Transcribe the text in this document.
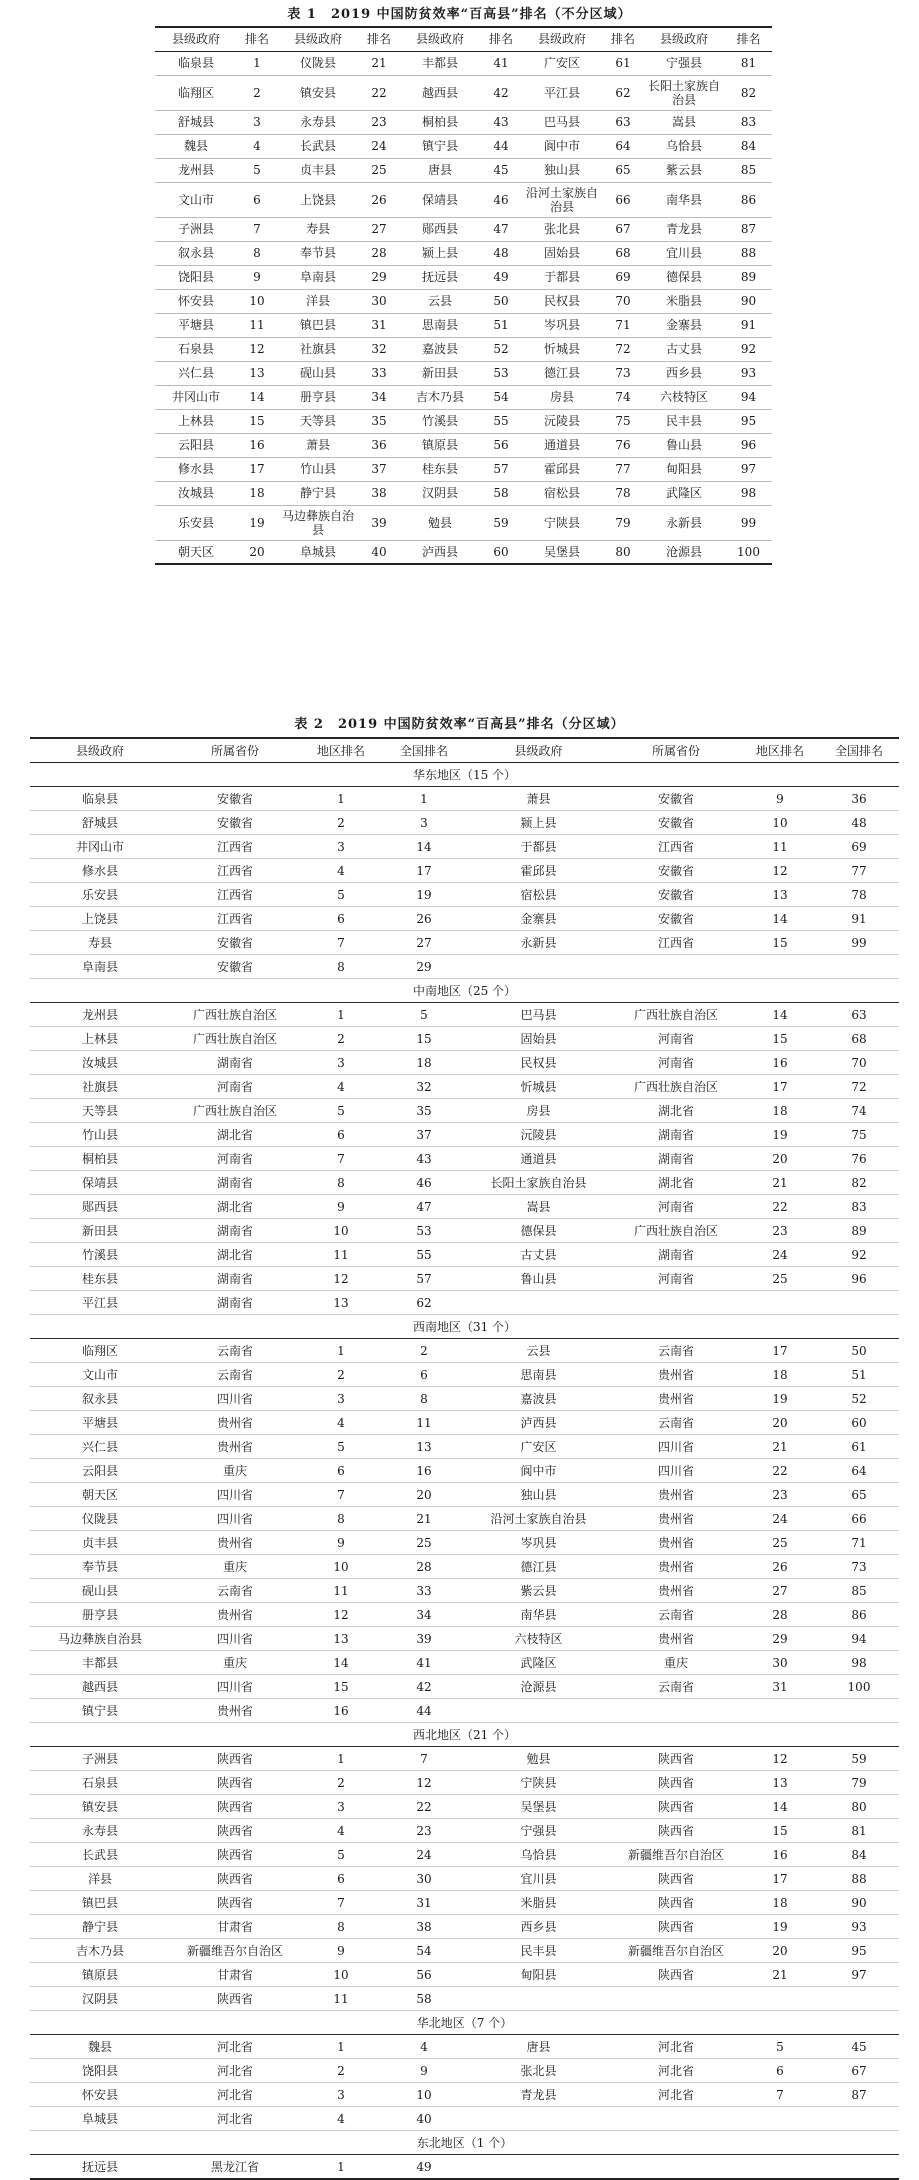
表 1　2019 中国防贫效率“百高县”排名（不分区域）
县级政府	排名	县级政府	排名	县级政府	排名	县级政府	排名	县级政府	排名
临泉县	1	仪陇县	21	丰都县	41	广安区	61	宁强县	81
临翔区	2	镇安县	22	越西县	42	平江县	62	长阳土家族自治县	82
舒城县	3	永寿县	23	桐柏县	43	巴马县	63	嵩县	83
魏县	4	长武县	24	镇宁县	44	阆中市	64	乌恰县	84
龙州县	5	贞丰县	25	唐县	45	独山县	65	紫云县	85
文山市	6	上饶县	26	保靖县	46	沿河土家族自治县	66	南华县	86
子洲县	7	寿县	27	郧西县	47	张北县	67	青龙县	87
叙永县	8	奉节县	28	颍上县	48	固始县	68	宜川县	88
饶阳县	9	阜南县	29	抚远县	49	于都县	69	德保县	89
怀安县	10	洋县	30	云县	50	民权县	70	米脂县	90
平塘县	11	镇巴县	31	思南县	51	岑巩县	71	金寨县	91
石泉县	12	社旗县	32	嘉波县	52	忻城县	72	古丈县	92
兴仁县	13	砚山县	33	新田县	53	德江县	73	西乡县	93
井冈山市	14	册亨县	34	吉木乃县	54	房县	74	六枝特区	94
上林县	15	天等县	35	竹溪县	55	沅陵县	75	民丰县	95
云阳县	16	萧县	36	镇原县	56	通道县	76	鲁山县	96
修水县	17	竹山县	37	桂东县	57	霍邱县	77	甸阳县	97
汝城县	18	静宁县	38	汉阴县	58	宿松县	78	武隆区	98
乐安县	19	马边彝族自治县	39	勉县	59	宁陕县	79	永新县	99
朝天区	20	阜城县	40	泸西县	60	吴堡县	80	沧源县	100
表 2　2019 中国防贫效率“百高县”排名（分区域）
县级政府	所属省份	地区排名	全国排名	县级政府	所属省份	地区排名	全国排名
华东地区（15 个）							
临泉县	安徽省	1	1	萧县	安徽省	9	36
舒城县	安徽省	2	3	颍上县	安徽省	10	48
井冈山市	江西省	3	14	于都县	江西省	11	69
修水县	江西省	4	17	霍邱县	安徽省	12	77
乐安县	江西省	5	19	宿松县	安徽省	13	78
上饶县	江西省	6	26	金寨县	安徽省	14	91
寿县	安徽省	7	27	永新县	江西省	15	99
阜南县	安徽省	8	29				
中南地区（25 个）							
龙州县	广西壮族自治区	1	5	巴马县	广西壮族自治区	14	63
上林县	广西壮族自治区	2	15	固始县	河南省	15	68
汝城县	湖南省	3	18	民权县	河南省	16	70
社旗县	河南省	4	32	忻城县	广西壮族自治区	17	72
天等县	广西壮族自治区	5	35	房县	湖北省	18	74
竹山县	湖北省	6	37	沅陵县	湖南省	19	75
桐柏县	河南省	7	43	通道县	湖南省	20	76
保靖县	湖南省	8	46	长阳土家族自治县	湖北省	21	82
郧西县	湖北省	9	47	嵩县	河南省	22	83
新田县	湖南省	10	53	德保县	广西壮族自治区	23	89
竹溪县	湖北省	11	55	古丈县	湖南省	24	92
桂东县	湖南省	12	57	鲁山县	河南省	25	96
平江县	湖南省	13	62				
西南地区（31 个）							
临翔区	云南省	1	2	云县	云南省	17	50
文山市	云南省	2	6	思南县	贵州省	18	51
叙永县	四川省	3	8	嘉波县	贵州省	19	52
平塘县	贵州省	4	11	泸西县	云南省	20	60
兴仁县	贵州省	5	13	广安区	四川省	21	61
云阳县	重庆	6	16	阆中市	四川省	22	64
朝天区	四川省	7	20	独山县	贵州省	23	65
仪陇县	四川省	8	21	沿河土家族自治县	贵州省	24	66
贞丰县	贵州省	9	25	岑巩县	贵州省	25	71
奉节县	重庆	10	28	德江县	贵州省	26	73
砚山县	云南省	11	33	紫云县	贵州省	27	85
册亨县	贵州省	12	34	南华县	云南省	28	86
马边彝族自治县	四川省	13	39	六枝特区	贵州省	29	94
丰都县	重庆	14	41	武隆区	重庆	30	98
越西县	四川省	15	42	沧源县	云南省	31	100
镇宁县	贵州省	16	44				
西北地区（21 个）							
子洲县	陕西省	1	7	勉县	陕西省	12	59
石泉县	陕西省	2	12	宁陕县	陕西省	13	79
镇安县	陕西省	3	22	吴堡县	陕西省	14	80
永寿县	陕西省	4	23	宁强县	陕西省	15	81
长武县	陕西省	5	24	乌恰县	新疆维吾尔自治区	16	84
洋县	陕西省	6	30	宜川县	陕西省	17	88
镇巴县	陕西省	7	31	米脂县	陕西省	18	90
静宁县	甘肃省	8	38	西乡县	陕西省	19	93
吉木乃县	新疆维吾尔自治区	9	54	民丰县	新疆维吾尔自治区	20	95
镇原县	甘肃省	10	56	甸阳县	陕西省	21	97
汉阴县	陕西省	11	58				
华北地区（7 个）							
魏县	河北省	1	4	唐县	河北省	5	45
饶阳县	河北省	2	9	张北县	河北省	6	67
怀安县	河北省	3	10	青龙县	河北省	7	87
阜城县	河北省	4	40				
东北地区（1 个）							
抚远县	黑龙江省	1	49				
